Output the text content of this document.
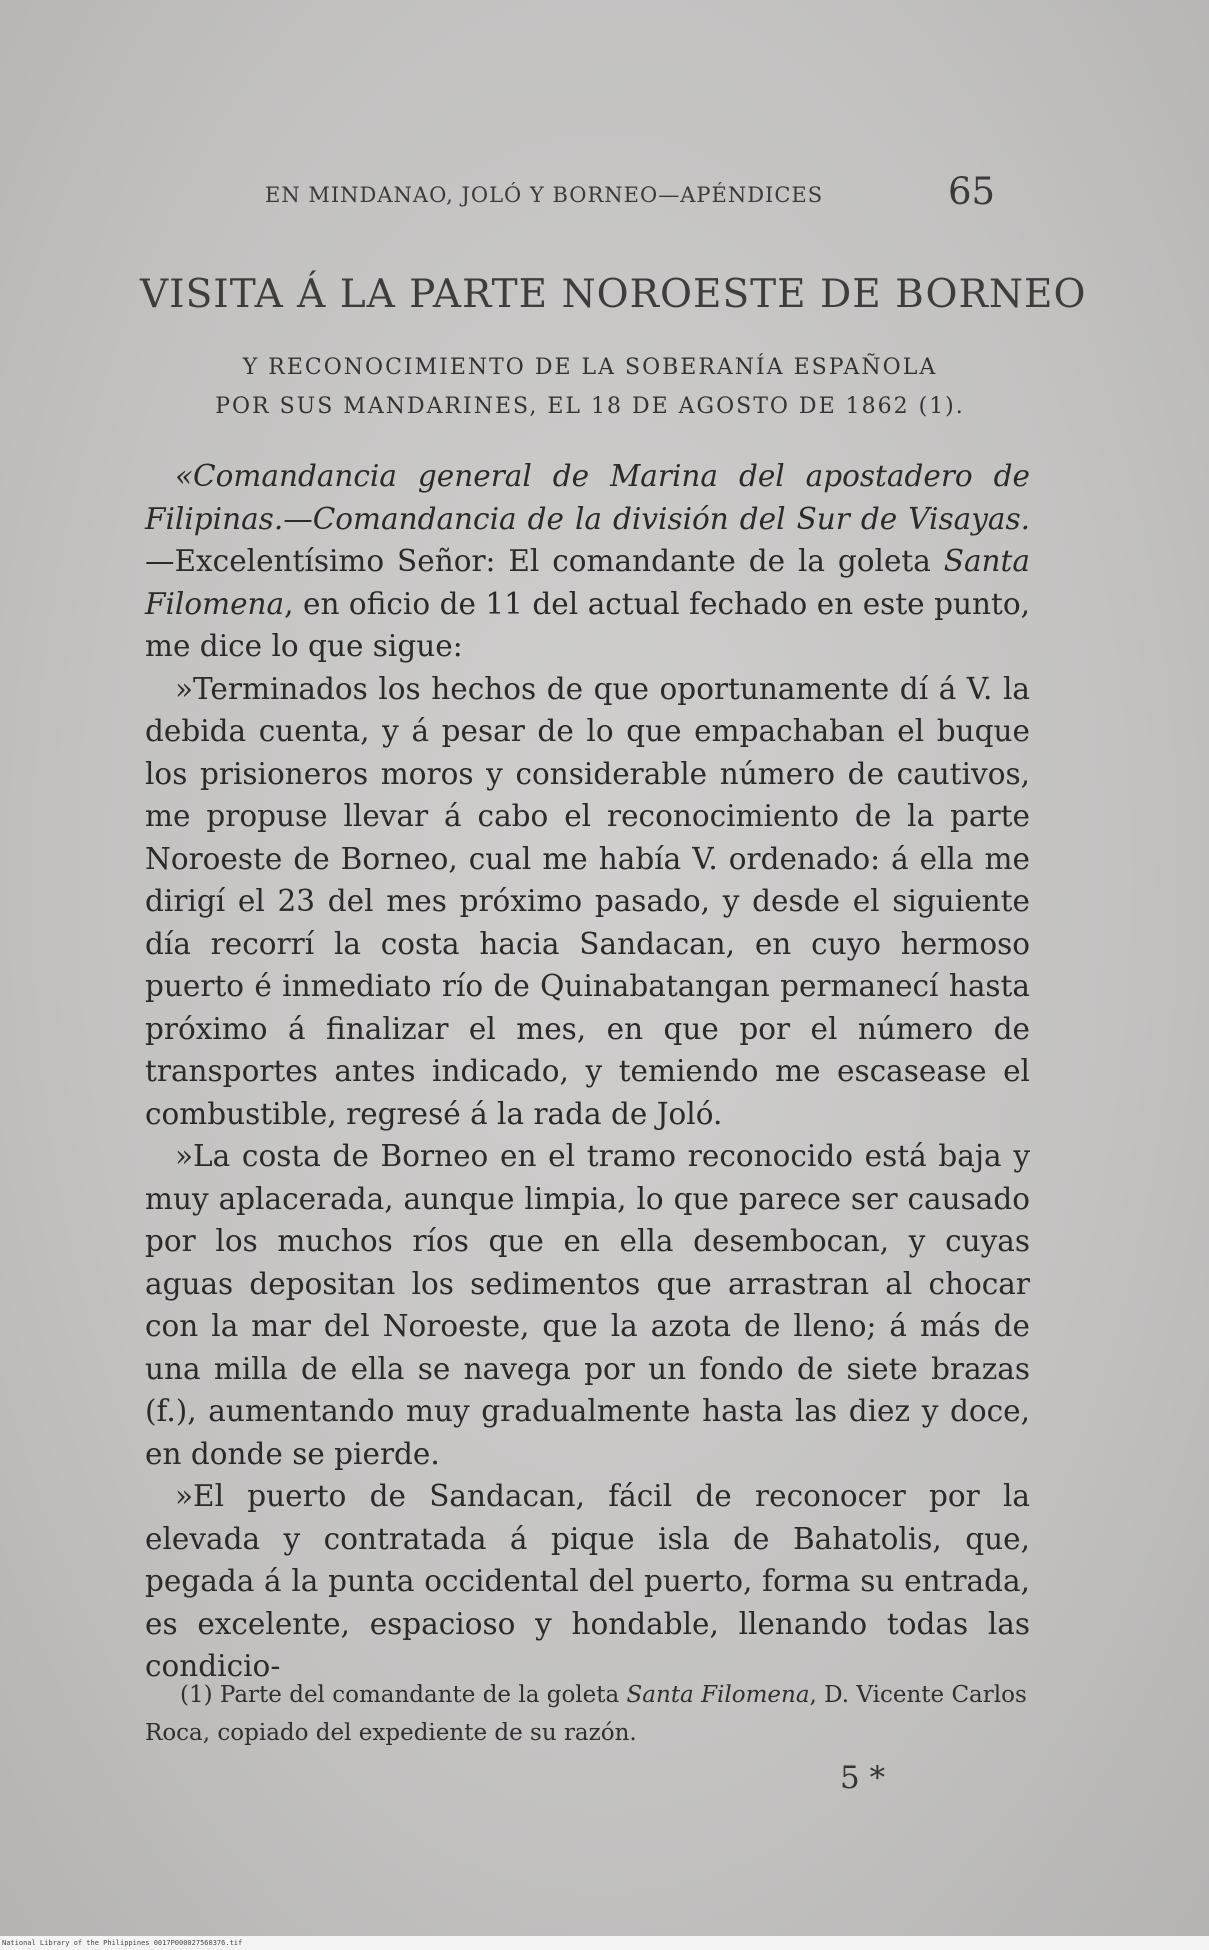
EN MINDANAO, JOLÓ Y BORNEO—APÉNDICES	65
VISITA Á LA PARTE NOROESTE DE BORNEO
Y RECONOCIMIENTO DE LA SOBERANÍA ESPAÑOLA
POR SUS MANDARINES, EL 18 DE AGOSTO DE 1862 (1).

«Comandancia general de Marina del apostadero de Filipinas.—Comandancia de la división del Sur de Visayas.—Excelentísimo Señor: El comandante de la goleta Santa Filomena, en oficio de 11 del actual fechado en este punto, me dice lo que sigue:

»Terminados los hechos de que oportunamente dí á V. la debida cuenta, y á pesar de lo que empachaban el buque los prisioneros moros y considerable número de cautivos, me propuse llevar á cabo el reconocimiento de la parte Noroeste de Borneo, cual me había V. ordenado: á ella me dirigí el 23 del mes próximo pasado, y desde el siguiente día recorrí la costa hacia Sandacan, en cuyo hermoso puerto é inmediato río de Quinabatangan permanecí hasta próximo á finalizar el mes, en que por el número de transportes antes indicado, y temiendo me escasease el combustible, regresé á la rada de Joló.

»La costa de Borneo en el tramo reconocido está baja y muy aplacerada, aunque limpia, lo que parece ser causado por los muchos ríos que en ella desembocan, y cuyas aguas depositan los sedimentos que arrastran al chocar con la mar del Noroeste, que la azota de lleno; á más de una milla de ella se navega por un fondo de siete brazas (f.), aumentando muy gradualmente hasta las diez y doce, en donde se pierde.

»El puerto de Sandacan, fácil de reconocer por la elevada y contratada á pique isla de Bahatolis, que, pegada á la punta occidental del puerto, forma su entrada, es excelente, espacioso y hondable, llenando todas las condicio-

(1) Parte del comandante de la goleta Santa Filomena, D. Vicente Carlos Roca, copiado del expediente de su razón.
5 *
National Library of the Philippines 0017P000027560376.tif
